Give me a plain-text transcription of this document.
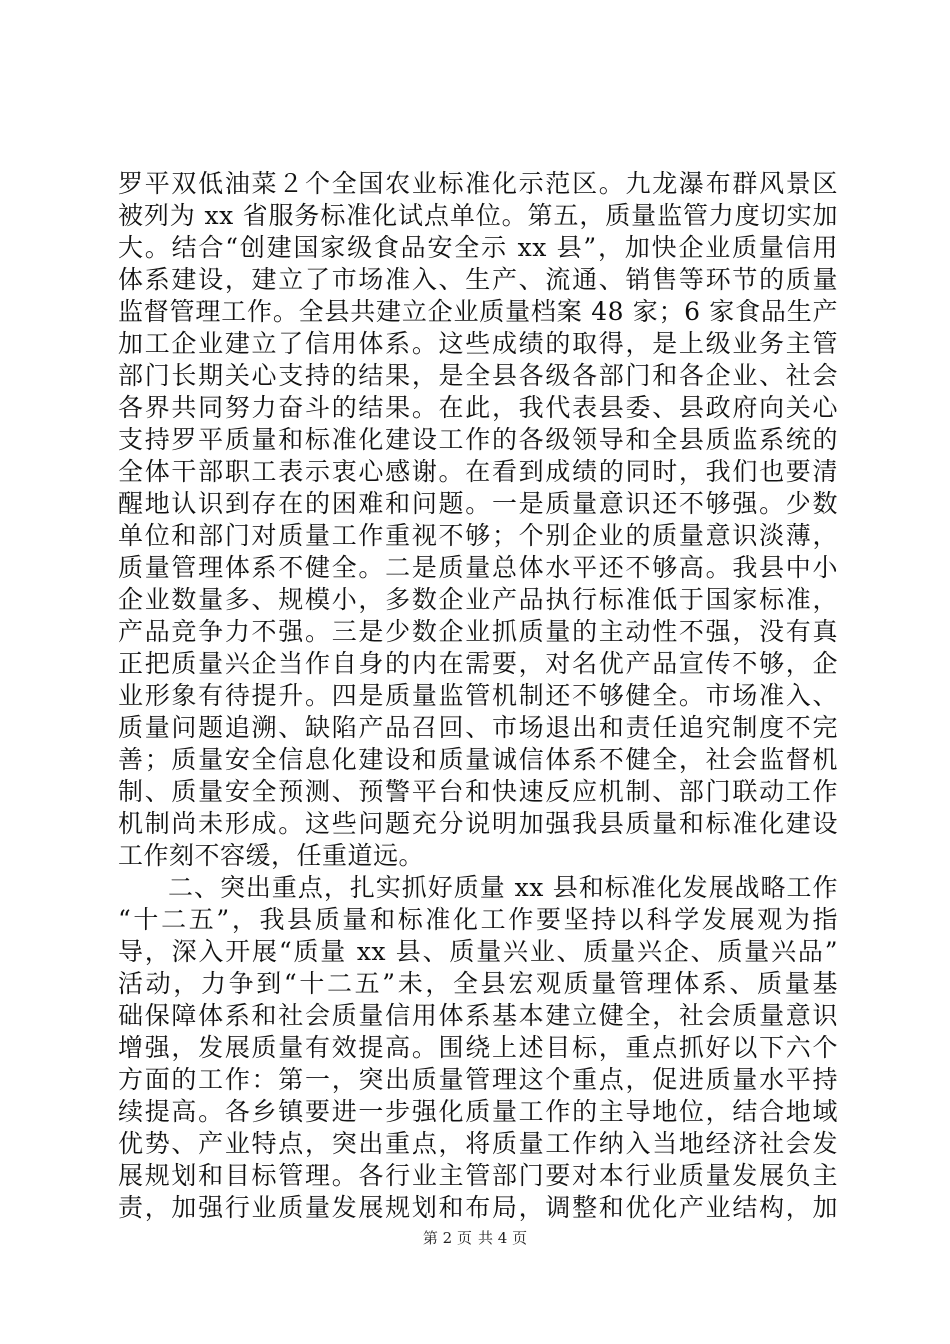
罗平双低油菜２个全国农业标准化示范区。九龙瀑布群风景区
被列为 xx 省服务标准化试点单位。第五，质量监管力度切实加
大。结合“创建国家级食品安全示 xx 县”，加快企业质量信用
体系建设，建立了市场准入、生产、流通、销售等环节的质量
监督管理工作。全县共建立企业质量档案 48 家；6 家食品生产
加工企业建立了信用体系。这些成绩的取得，是上级业务主管
部门长期关心支持的结果，是全县各级各部门和各企业、社会
各界共同努力奋斗的结果。在此，我代表县委、县政府向关心
支持罗平质量和标准化建设工作的各级领导和全县质监系统的
全体干部职工表示衷心感谢。在看到成绩的同时，我们也要清
醒地认识到存在的困难和问题。一是质量意识还不够强。少数
单位和部门对质量工作重视不够；个别企业的质量意识淡薄，
质量管理体系不健全。二是质量总体水平还不够高。我县中小
企业数量多、规模小，多数企业产品执行标准低于国家标准，
产品竞争力不强。三是少数企业抓质量的主动性不强，没有真
正把质量兴企当作自身的内在需要，对名优产品宣传不够，企
业形象有待提升。四是质量监管机制还不够健全。市场准入、
质量问题追溯、缺陷产品召回、市场退出和责任追究制度不完
善；质量安全信息化建设和质量诚信体系不健全，社会监督机
制、质量安全预测、预警平台和快速反应机制、部门联动工作
机制尚未形成。这些问题充分说明加强我县质量和标准化建设
工作刻不容缓，任重道远。
二、突出重点，扎实抓好质量 xx 县和标准化发展战略工作
“十二五”，我县质量和标准化工作要坚持以科学发展观为指
导，深入开展“质量 xx 县、质量兴业、质量兴企、质量兴品”
活动，力争到“十二五”未，全县宏观质量管理体系、质量基
础保障体系和社会质量信用体系基本建立健全，社会质量意识
增强，发展质量有效提高。围绕上述目标，重点抓好以下六个
方面的工作：第一，突出质量管理这个重点，促进质量水平持
续提高。各乡镇要进一步强化质量工作的主导地位，结合地域
优势、产业特点，突出重点，将质量工作纳入当地经济社会发
展规划和目标管理。各行业主管部门要对本行业质量发展负主
责，加强行业质量发展规划和布局，调整和优化产业结构，加
第 2 页 共 4 页
